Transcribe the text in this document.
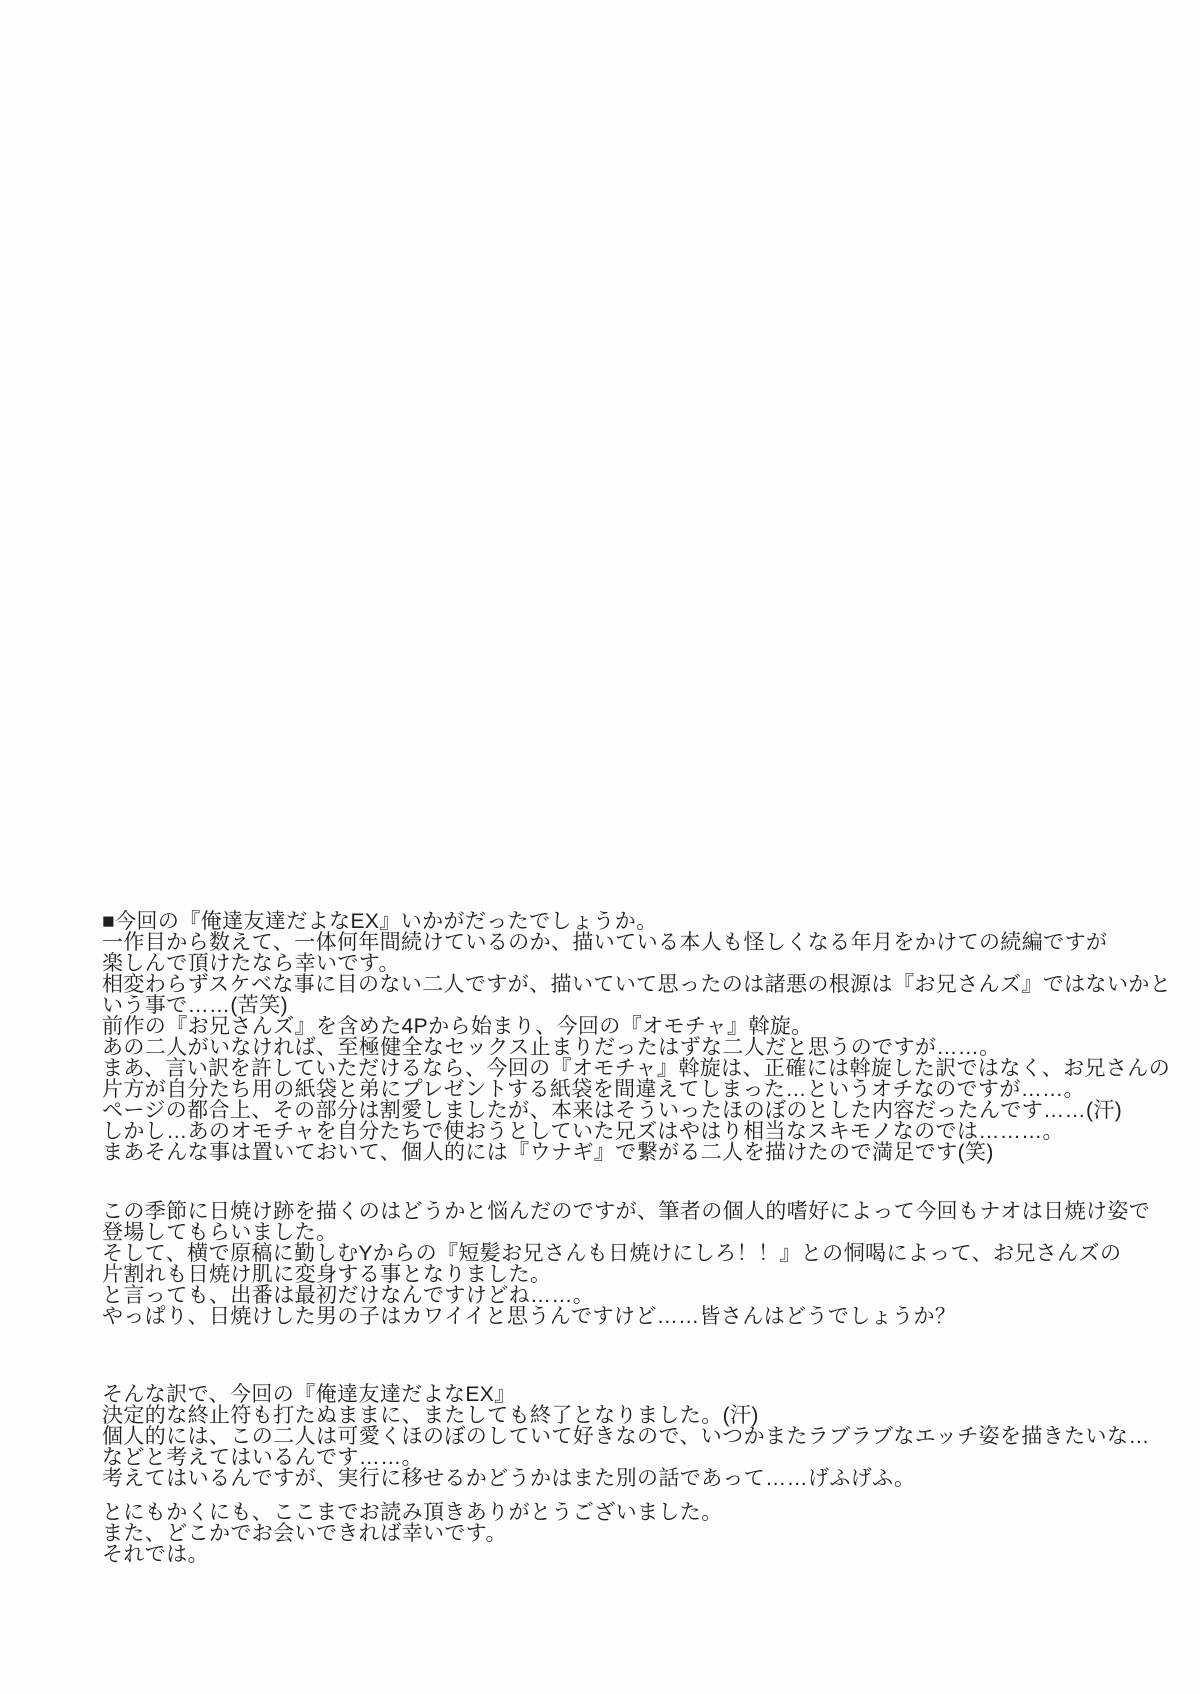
■今回の『俺達友達だよなEX』いかがだったでしょうか。
一作目から数えて、一体何年間続けているのか、描いている本人も怪しくなる年月をかけての続編ですが
楽しんで頂けたなら幸いです。
相変わらずスケベな事に目のない二人ですが、描いていて思ったのは諸悪の根源は『お兄さんズ』ではないかと
いう事で……(苦笑)
前作の『お兄さんズ』を含めた4Pから始まり、今回の『オモチャ』斡旋。
あの二人がいなければ、至極健全なセックス止まりだったはずな二人だと思うのですが……。
まあ、言い訳を許していただけるなら、今回の『オモチャ』斡旋は、正確には斡旋した訳ではなく、お兄さんの
片方が自分たち用の紙袋と弟にプレゼントする紙袋を間違えてしまった…というオチなのですが……。
ページの都合上、その部分は割愛しましたが、本来はそういったほのぼのとした内容だったんです……(汗)
しかし…あのオモチャを自分たちで使おうとしていた兄ズはやはり相当なスキモノなのでは………。
まあそんな事は置いておいて、個人的には『ウナギ』で繋がる二人を描けたので満足です(笑)
この季節に日焼け跡を描くのはどうかと悩んだのですが、筆者の個人的嗜好によって今回もナオは日焼け姿で
登場してもらいました。
そして、横で原稿に勤しむYからの『短髪お兄さんも日焼けにしろ！！』との恫喝によって、お兄さんズの
片割れも日焼け肌に変身する事となりました。
と言っても、出番は最初だけなんですけどね……。
やっぱり、日焼けした男の子はカワイイと思うんですけど……皆さんはどうでしょうか？
そんな訳で、今回の『俺達友達だよなEX』
決定的な終止符も打たぬままに、またしても終了となりました。(汗)
個人的には、この二人は可愛くほのぼのしていて好きなので、いつかまたラブラブなエッチ姿を描きたいな…
などと考えてはいるんです……。
考えてはいるんですが、実行に移せるかどうかはまた別の話であって……げふげふ。
とにもかくにも、ここまでお読み頂きありがとうございました。
また、どこかでお会いできれば幸いです。
それでは。
